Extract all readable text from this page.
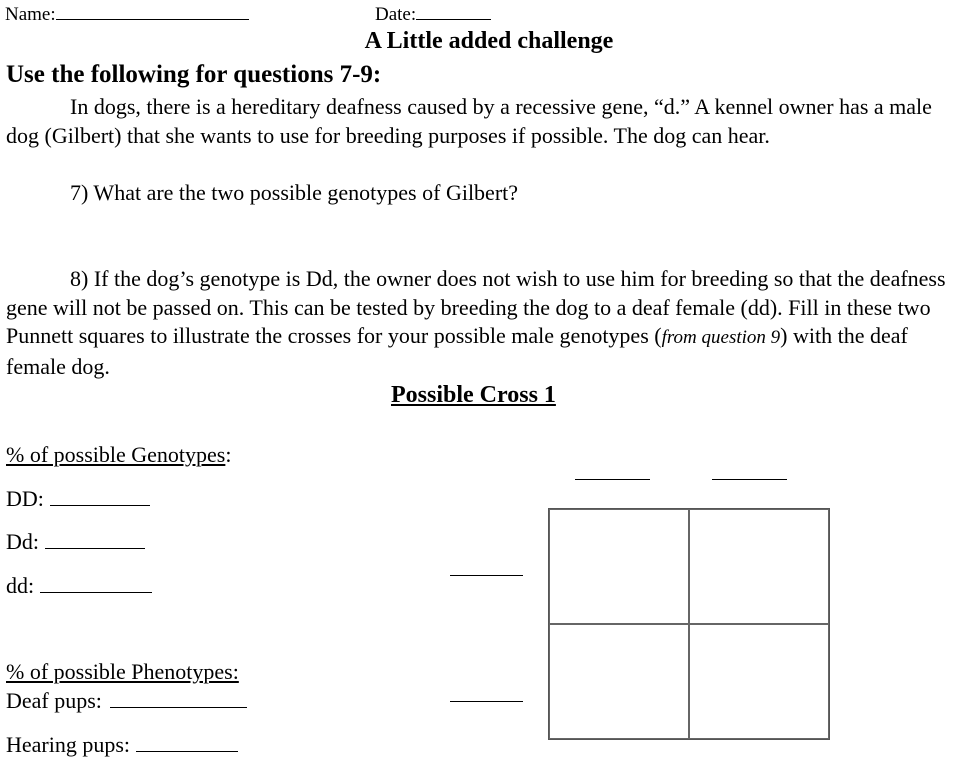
Name:	Date:
A Little added challenge
Use the following for questions 7-9:
In dogs, there is a hereditary deafness caused by a recessive gene, “d.” A kennel owner has a male dog (Gilbert) that she wants to use for breeding purposes if possible. The dog can hear.
7) What are the two possible genotypes of Gilbert?
8) If the dog’s genotype is Dd, the owner does not wish to use him for breeding so that the deafness gene will not be passed on. This can be tested by breeding the dog to a deaf female (dd). Fill in these two Punnett squares to illustrate the crosses for your possible male genotypes (from question 9) with the deaf female dog.
Possible Cross 1
% of possible Genotypes:
DD:
Dd:
dd:
% of possible Phenotypes:
Deaf pups:
Hearing pups:
